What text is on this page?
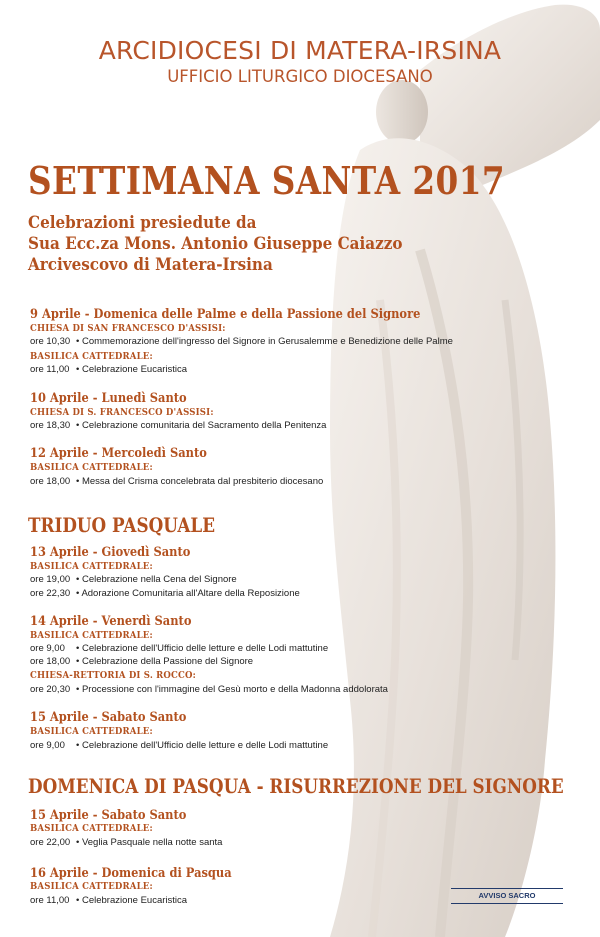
ARCIDIOCESI DI MATERA-IRSINA
UFFICIO LITURGICO DIOCESANO
SETTIMANA SANTA 2017
Celebrazioni presiedute da
Sua Ecc.za Mons. Antonio Giuseppe Caiazzo
Arcivescovo di Matera-Irsina
9 Aprile - Domenica delle Palme e della Passione del Signore
CHIESA DI SAN FRANCESCO D'ASSISI:
ore 10,30 • Commemorazione dell'ingresso del Signore in Gerusalemme e Benedizione delle Palme
BASILICA CATTEDRALE:
ore 11,00 • Celebrazione Eucaristica
10 Aprile - Lunedì Santo
CHIESA DI S. FRANCESCO D'ASSISI:
ore 18,30 • Celebrazione comunitaria del Sacramento della Penitenza
12 Aprile - Mercoledì Santo
BASILICA CATTEDRALE:
ore 18,00 • Messa del Crisma concelebrata dal presbiterio diocesano
TRIDUO PASQUALE
13 Aprile - Giovedì Santo
BASILICA CATTEDRALE:
ore 19,00 • Celebrazione nella Cena del Signore
ore 22,30 • Adorazione Comunitaria all'Altare della Reposizione
14 Aprile - Venerdì Santo
BASILICA CATTEDRALE:
ore 9,00 • Celebrazione dell'Ufficio delle letture e delle Lodi mattutine
ore 18,00 • Celebrazione della Passione del Signore
CHIESA-RETTORIA DI S. ROCCO:
ore 20,30 • Processione con l'immagine del Gesù morto e della Madonna addolorata
15 Aprile - Sabato Santo
BASILICA CATTEDRALE:
ore 9,00 • Celebrazione dell'Ufficio delle letture e delle Lodi mattutine
DOMENICA DI PASQUA - RISURREZIONE DEL SIGNORE
15 Aprile - Sabato Santo
BASILICA CATTEDRALE:
ore 22,00 • Veglia Pasquale nella notte santa
16 Aprile - Domenica di Pasqua
BASILICA CATTEDRALE:
ore 11,00 • Celebrazione Eucaristica	AVVISO SACRO
